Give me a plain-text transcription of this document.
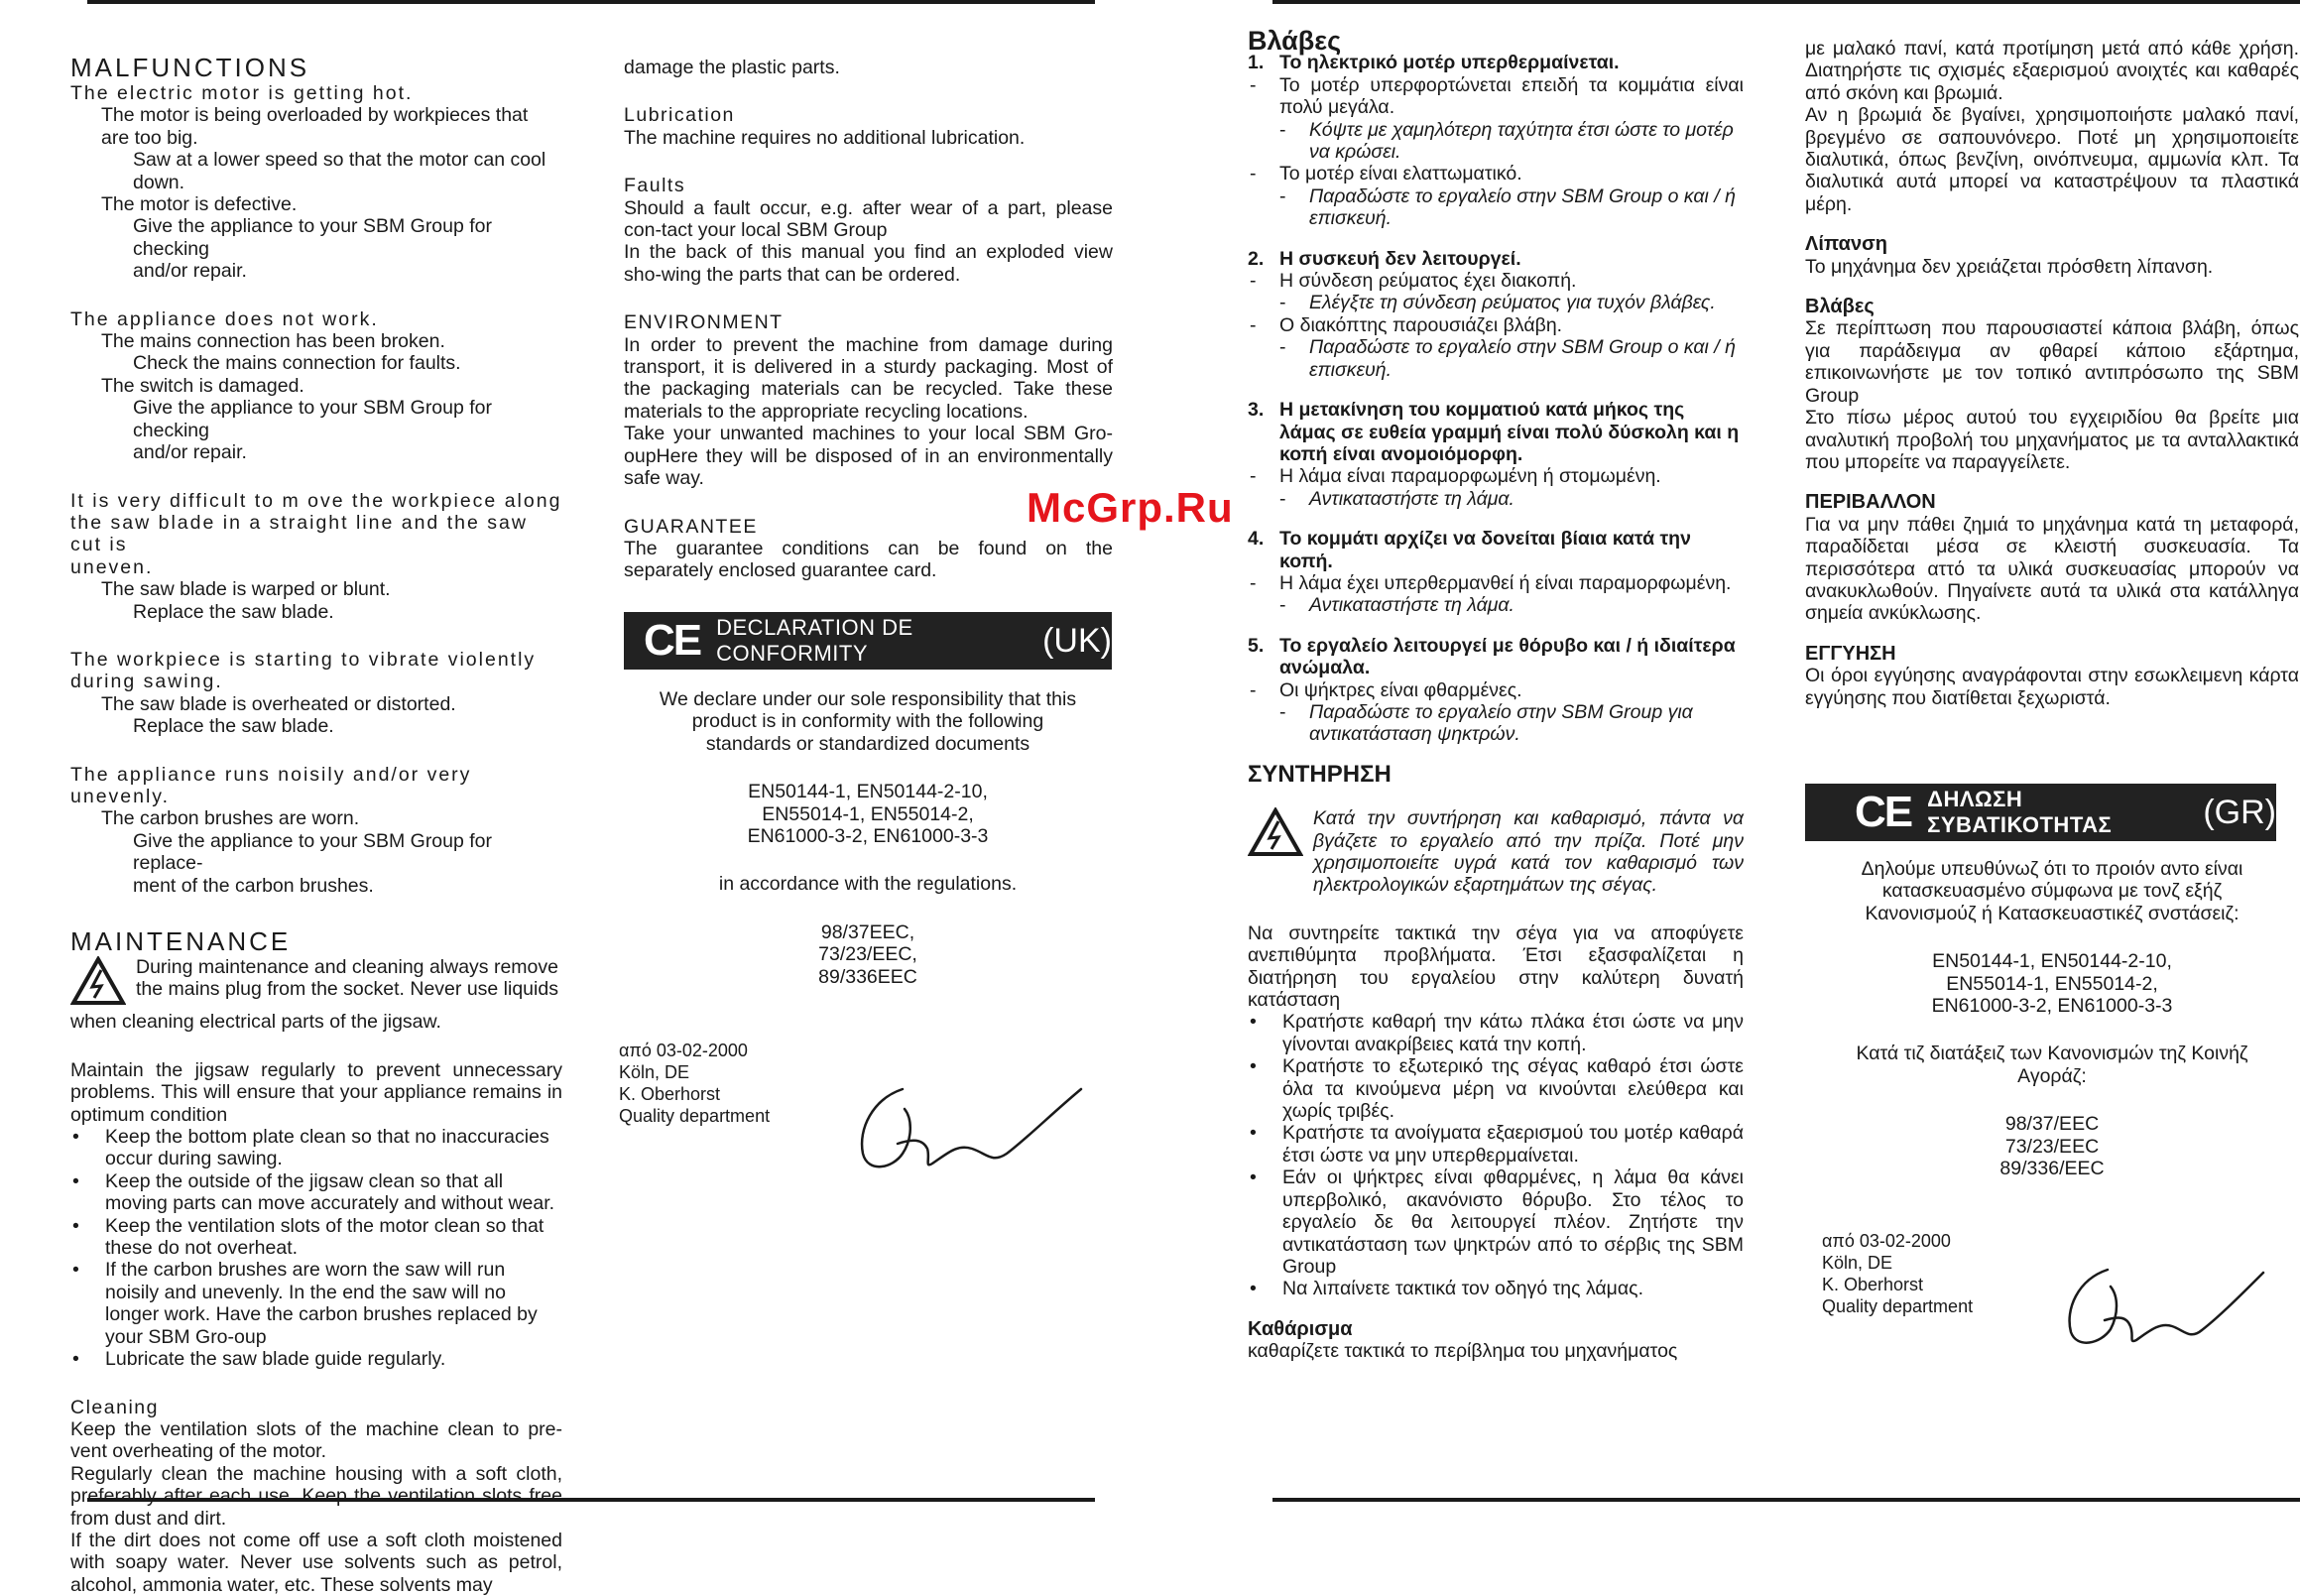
MALFUNCTIONS

The electric motor is getting hot.

The motor is being overloaded by workpieces that

are too big.

Saw at a lower speed so that the motor can cool down.

The motor is defective.

Give the appliance to your SBM Group for checking

and/or repair.

The appliance does not work.

The mains connection has been broken.

Check the mains connection for faults.

The switch is damaged.

Give the appliance to your SBM Group for checking

and/or repair.

It is very difficult to m ove the workpiece along

the saw blade in a straight line and the saw cut is

uneven.

The saw blade is warped or blunt.

Replace the saw blade.

The workpiece is starting to vibrate violently

during sawing.

The saw blade is overheated or distorted.

Replace the saw blade.

The appliance runs noisily and/or very unevenly.

The carbon brushes are worn.

Give the appliance to your SBM Group for replace-

ment of the carbon brushes.

MAINTENANCE

During maintenance and cleaning always remove

the mains plug from the socket. Never use liquids

when cleaning electrical parts of the jigsaw.

Maintain the jigsaw regularly to prevent unnecessary problems. This will ensure that your appliance remains in optimum condition

•	Keep the bottom plate clean so that no inaccuracies occur during sawing.
•	Keep the outside of the jigsaw clean so that all moving parts can move accurately and without wear.
•	Keep the ventilation slots of the motor clean so that these do not overheat.
•	If the carbon brushes are worn the saw will run noisily and unevenly. In the end the saw will no longer work. Have the carbon brushes replaced by your SBM Gro-oup
•	Lubricate the saw blade guide regularly.

Cleaning

Keep the ventilation slots of the machine clean to pre-vent overheating of the motor.

Regularly clean the machine housing with a soft cloth, preferably after each use. Keep the ventilation slots free from dust and dirt.

If the dirt does not come off use a soft cloth moistened with soapy water. Never use solvents such as petrol, alcohol, ammonia water, etc. These solvents may

damage the plastic parts.

Lubrication

The machine requires no additional lubrication.

Faults

Should a fault occur, e.g. after wear of a part, please con-tact your local SBM Group

In the back of this manual you find an exploded view sho-wing the parts that can be ordered.

ENVIRONMENT

In order to prevent the machine from damage during transport, it is delivered in a sturdy packaging. Most of the packaging materials can be recycled. Take these materials to the appropriate recycling locations.

Take your unwanted machines to your local SBM Gro-oupHere they will be disposed of in an environmentally safe way.

GUARANTEE

The guarantee conditions can be found on the separately enclosed guarantee card.

CE DECLARATION DE CONFORMITY	(UK)

We declare under our sole responsibility that this

product is in conformity with the following

standards or standardized documents

EN50144-1, EN50144-2-10,

EN55014-1, EN55014-2,

EN61000-3-2, EN61000-3-3

in accordance with the regulations.

98/37EEC,

73/23/EEC,

89/336EEC

από 03-02-2000

Köln, DE

K. Oberhorst

Quality department

Βλάβες

1. Το ηλεκτρικό μοτέρ υπερθερμαίνεται.
-	Το μοτέρ υπερφορτώνεται επειδή τα κομμάτια είναι πολύ μεγάλα.
-	Κόψτε με χαμηλότερη ταχύτητα έτσι ώστε το μοτέρ να κρώσει.
-	Το μοτέρ είναι ελαττωματικό.
-	Παραδώστε το εργαλείο στην SBM Group ο και / ή επισκευή.
2. Η συσκευή δεν λειτουργεί.
-	Η σύνδεση ρεύματος έχει διακοπή.
-	Ελέγξτε τη σύνδεση ρεύματος για τυχόν βλάβες.
-	Ο διακόπτης παρουσιάζει βλάβη.
-	Παραδώστε το εργαλείο στην SBM Group ο και / ή επισκευή.
3. Η μετακίνηση του κομματιού κατά μήκος της λάμας σε ευθεία γραμμή είναι πολύ δύσκολη και η κοπή είναι ανομοιόμορφη.
-	Η λάμα είναι παραμορφωμένη ή στομωμένη.
-	Αντικαταστήστε τη λάμα.
4. Το κομμάτι αρχίζει να δονείται βίαια κατά την κοπή.
-	Η λάμα έχει υπερθερμανθεί ή είναι παραμορφωμένη.
-	Αντικαταστήστε τη λάμα.
5. Το εργαλείο λειτουργεί με θόρυβο και / ή ιδιαίτερα ανώμαλα.
-	Οι ψήκτρες είναι φθαρμένες.
-	Παραδώστε το εργαλείο στην SBM Group για αντικατάσταση ψηκτρών.

ΣΥΝΤΗΡΗΣΗ

Κατά την συντήρηση και καθαρισμό, πάντα να βγάζετε το εργαλείο από την πρίζα. Ποτέ μην χρησιμοποιείτε υγρά κατά τον καθαρισμό των ηλεκτρολογικών εξαρτημάτων της σέγας.

Να συντηρείτε τακτικά την σέγα για να αποφύγετε ανεπιθύμητα προβλήματα. Έτσι εξασφαλίζεται η διατήρηση του εργαλείου στην καλύτερη δυνατή κατάσταση

•	Κρατήστε καθαρή την κάτω πλάκα έτσι ώστε να μην γίνονται ανακρίβειες κατά την κοπή.
•	Κρατήστε το εξωτερικό της σέγας καθαρό έτσι ώστε όλα τα κινούμενα μέρη να κινούνται ελεύθερα και χωρίς τριβές.
•	Κρατήστε τα ανοίγματα εξαερισμού του μοτέρ καθαρά έτσι ώστε να μην υπερθερμαίνεται.
•	Εάν οι ψήκτρες είναι φθαρμένες, η λάμα θα κάνει υπερβολικό, ακανόνιστο θόρυβο. Στο τέλος το εργαλείο δε θα λειτουργεί πλέον. Ζητήστε την αντικατάσταση των ψηκτρών από το σέρβις της SBM Group
•	Να λιπαίνετε τακτικά τον οδηγό της λάμας.

Καθάρισμα

καθαρίζετε τακτικά το περίβλημα του μηχανήματος

με μαλακό πανί, κατά προτίμηση μετά από κάθε χρήση. Διατηρήστε τις σχισμές εξαερισμού ανοιχτές και καθαρές από σκόνη και βρωμιά.

Αν η βρωμιά δε βγαίνει, χρησιμοποιήστε μαλακό πανί, βρεγμένο σε σαπουνόνερο. Ποτέ μη χρησιμοποιείτε διαλυτικά, όπως βενζίνη, οινόπνευμα, αμμωνία κλπ. Τα διαλυτικά αυτά μπορεί να καταστρέψουν τα πλαστικά μέρη.

Λίπανση

Το μηχάνημα δεν χρειάζεται πρόσθετη λίπανση.

Βλάβες

Σε περίπτωση που παρουσιαστεί κάποια βλάβη, όπως για παράδειγμα αν φθαρεί κάποιο εξάρτημα, επικοινωνήστε με τον τοπικό αντιπρόσωπο της SBM Group

Στο πίσω μέρος αυτού του εγχειριδίου θα βρείτε μια αναλυτική προβολή του μηχανήματος με τα ανταλλακτικά που μπορείτε να παραγγείλετε.

ΠΕΡΙΒΑΛΛΟΝ

Για να μην πάθει ζημιά το μηχάνημα κατά τη μεταφορά, παραδίδεται μέσα σε κλειστή συσκευασία. Τα περισσότερα αττό τα υλικά συσκευασίας μπορούν να ανακυκλωθούν. Πηγαίνετε αυτά τα υλικά στα κατάλληγα σημεία ανκύκλωσης.

ΕΓΓΥΗΣΗ

Οι όροι εγγύησης αναγράφονται στην εσωκλειμενη κάρτα εγγύησης που διατίθεται ξεχωριστά.

CE ΔΗΛΩΣΗ ΣΥΒΑΤΙΚΟΤΗΤΑΣ	(GR)

Δηλούμε υπευθύνωζ ότι το προιόν αντο είναι

κατασκευασμένο σύμφωνα με τονζ εξήζ

Κανονισμούζ ή Κατασκευαστικέζ σνστάσειζ:

EN50144-1, EN50144-2-10,

EN55014-1, EN55014-2,

EN61000-3-2, EN61000-3-3

Κατά τιζ διατάξειζ των Κανονισμών τηζ Κοινήζ

Αγοράζ:

98/37/EEC

73/23/EEC

89/336/EEC

από 03-02-2000

Köln, DE

K. Oberhorst

Quality department

McGrp.Ru
